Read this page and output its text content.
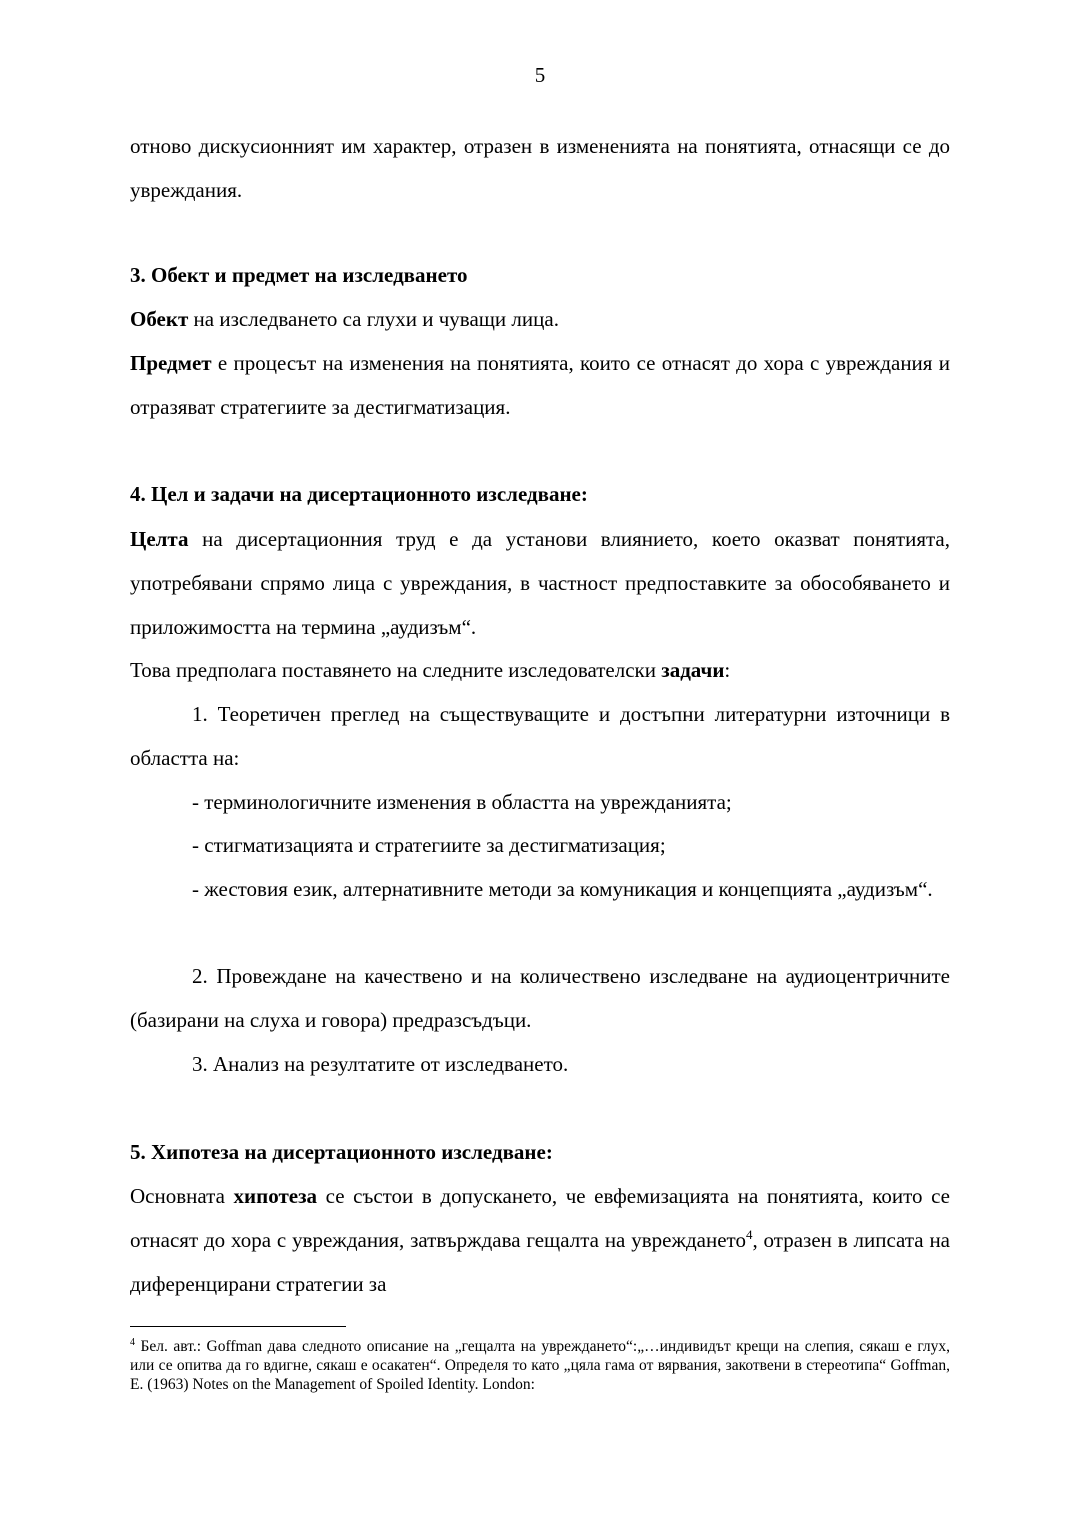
5
отново дискусионният им характер, отразен в измененията на понятията, отнасящи се до увреждания.
3. Обект и предмет на изследването
Обект на изследването са глухи и чуващи лица.
Предмет е процесът на изменения на понятията, които се отнасят до хора с увреждания и отразяват стратегиите за дестигматизация.
4. Цел и задачи на дисертационното изследване:
Целта на дисертационния труд е да установи влиянието, което оказват понятията, употребявани спрямо лица с увреждания, в частност предпоставките за обособяването и приложимостта на термина „аудизъм“.
Това предполага поставянето на следните изследователски задачи:
1. Теоретичен преглед на съществуващите и достъпни литературни източници в областта на:
- терминологичните изменения в областта на уврежданията;
- стигматизацията и стратегиите за дестигматизация;
- жестовия език, алтернативните методи за комуникация и концепцията „аудизъм“.
2. Провеждане на качествено и на количествено изследване на аудиоцентричните (базирани на слуха и говора) предразсъдъци.
3. Анализ на резултатите от изследването.
5. Хипотеза на дисертационното изследване:
Основната хипотеза се състои в допускането, че евфемизацията на понятията, които се отнасят до хора с увреждания, затвърждава гещалта на увреждането$^4$, отразен в липсата на диференцирани стратегии за
$^4$ Бел. авт.: Goffman дава следното описание на „гещалта на увреждането“:„…индивидът крещи на слепия, сякаш е глух, или се опитва да го вдигне, сякаш е осакатен“. Определя то като „цяла гама от вярвания, закотвени в стереотипа“ Goffman, E. (1963) Notes on the Management of Spoiled Identity. London:
